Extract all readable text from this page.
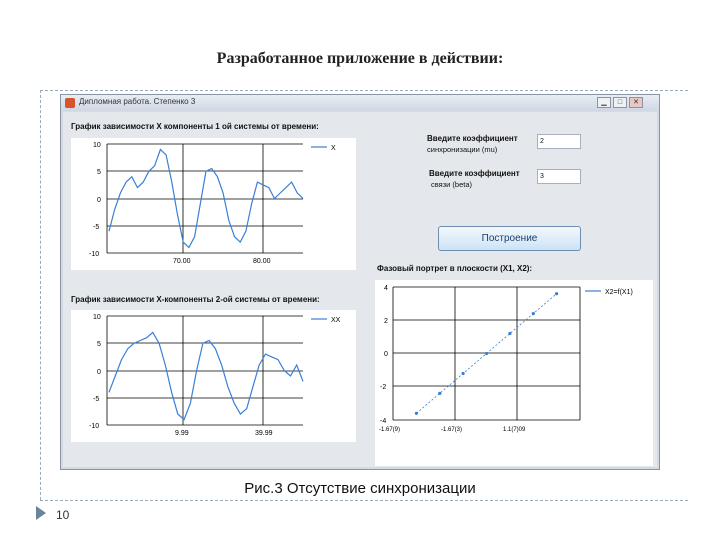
Разработанное приложение в действии:
Дипломная работа. Степенко 3	▁	□	✕
График зависимости X компоненты 1 ой системы от времени:
10
5
0
-5
-10
70.00	80.00
X
График зависимости X-компоненты 2-ой системы от времени:
10
5
0
-5
-10
9.99	39.99
XX
Введите коэффициент
синхронизации (mu)
2
Введите коэффициент
связи (beta)
3
Построение
Фазовый портрет в плоскости (X1, X2):
4
2
0
-2
-4
-1.67(9)	-1.67(3)	1.1(7)09
X2=f(X1)
Рис.3 Отсутствие синхронизации
10
